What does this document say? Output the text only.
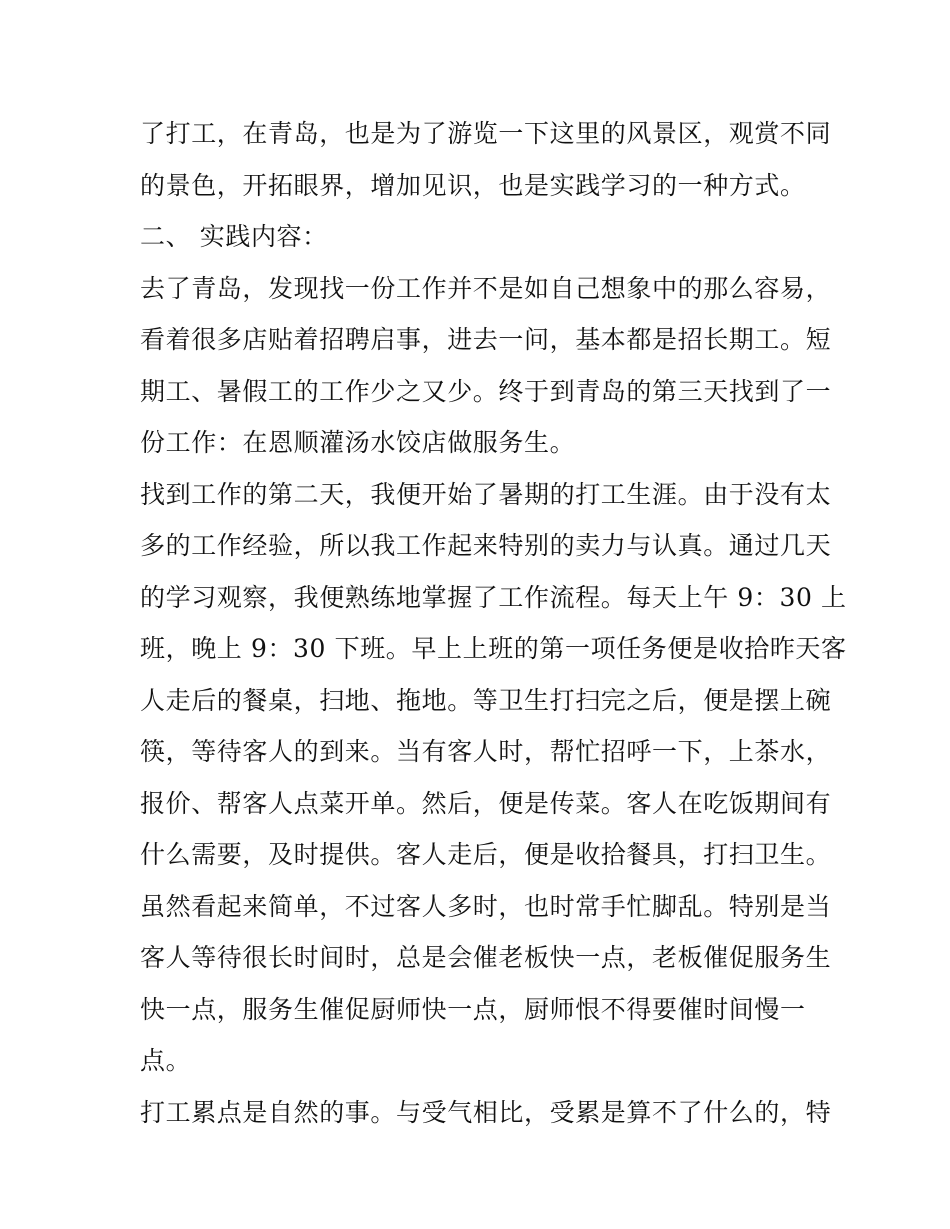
了打工，在青岛，也是为了游览一下这里的风景区，观赏不同
的景色，开拓眼界，增加见识，也是实践学习的一种方式。
二、 实践内容：
去了青岛，发现找一份工作并不是如自己想象中的那么容易，
看着很多店贴着招聘启事，进去一问，基本都是招长期工。短
期工、暑假工的工作少之又少。终于到青岛的第三天找到了一
份工作：在恩顺灌汤水饺店做服务生。
找到工作的第二天，我便开始了暑期的打工生涯。由于没有太
多的工作经验，所以我工作起来特别的卖力与认真。通过几天
的学习观察，我便熟练地掌握了工作流程。每天上午 9：30 上
班，晚上 9：30 下班。早上上班的第一项任务便是收拾昨天客
人走后的餐桌，扫地、拖地。等卫生打扫完之后，便是摆上碗
筷，等待客人的到来。当有客人时，帮忙招呼一下，上茶水，
报价、帮客人点菜开单。然后，便是传菜。客人在吃饭期间有
什么需要，及时提供。客人走后，便是收拾餐具，打扫卫生。
虽然看起来简单，不过客人多时，也时常手忙脚乱。特别是当
客人等待很长时间时，总是会催老板快一点，老板催促服务生
快一点，服务生催促厨师快一点，厨师恨不得要催时间慢一
点。
打工累点是自然的事。与受气相比，受累是算不了什么的，特
